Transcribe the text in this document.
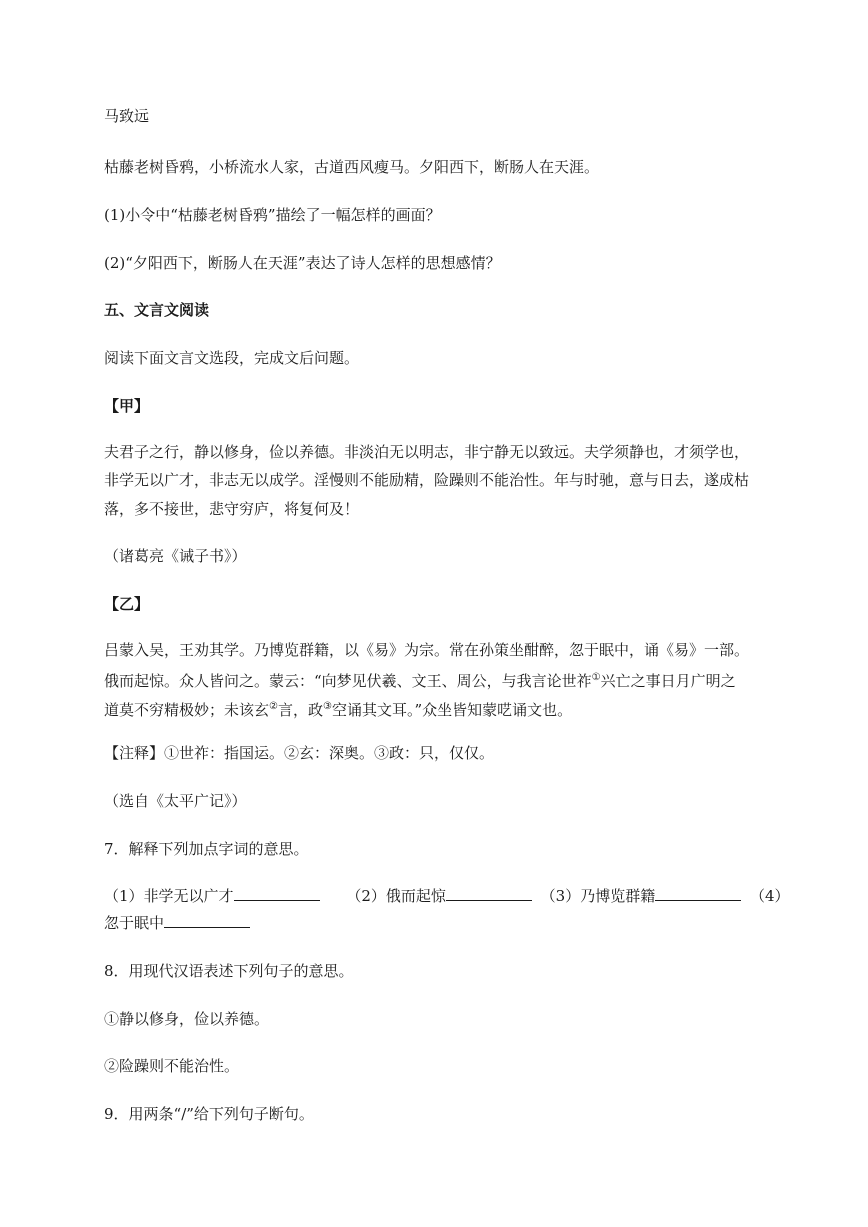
马致远
枯藤老树昏鸦，小桥流水人家，古道西风瘦马。夕阳西下，断肠人在天涯。
(1)小令中“枯藤老树昏鸦”描绘了一幅怎样的画面？
(2)“夕阳西下，断肠人在天涯”表达了诗人怎样的思想感情？
五、文言文阅读
阅读下面文言文选段，完成文后问题。
【甲】
夫君子之行，静以修身，俭以养德。非淡泊无以明志，非宁静无以致远。夫学须静也，才须学也，
非学无以广才，非志无以成学。淫慢则不能励精，险躁则不能治性。年与时驰，意与日去，遂成枯
落，多不接世，悲守穷庐，将复何及！
（诸葛亮《诫子书》）
【乙】
吕蒙入吴，王劝其学。乃博览群籍，以《易》为宗。常在孙策坐酣醉，忽于眠中，诵《易》一部。
俄而起惊。众人皆问之。蒙云：“向梦见伏羲、文王、周公，与我言论世祚①兴亡之事日月广明之
道莫不穷精极妙；未该玄②言，政③空诵其文耳。”众坐皆知蒙呓诵文也。
【注释】①世祚：指国运。②玄：深奥。③政：只，仅仅。
（选自《太平广记》）
7．解释下列加点字词的意思。
（1）非学无以广才	（2）俄而起惊	（3）乃博览群籍	（4）
忽于眠中
8．用现代汉语表述下列句子的意思。
①静以修身，俭以养德。
②险躁则不能治性。
9．用两条“/”给下列句子断句。
